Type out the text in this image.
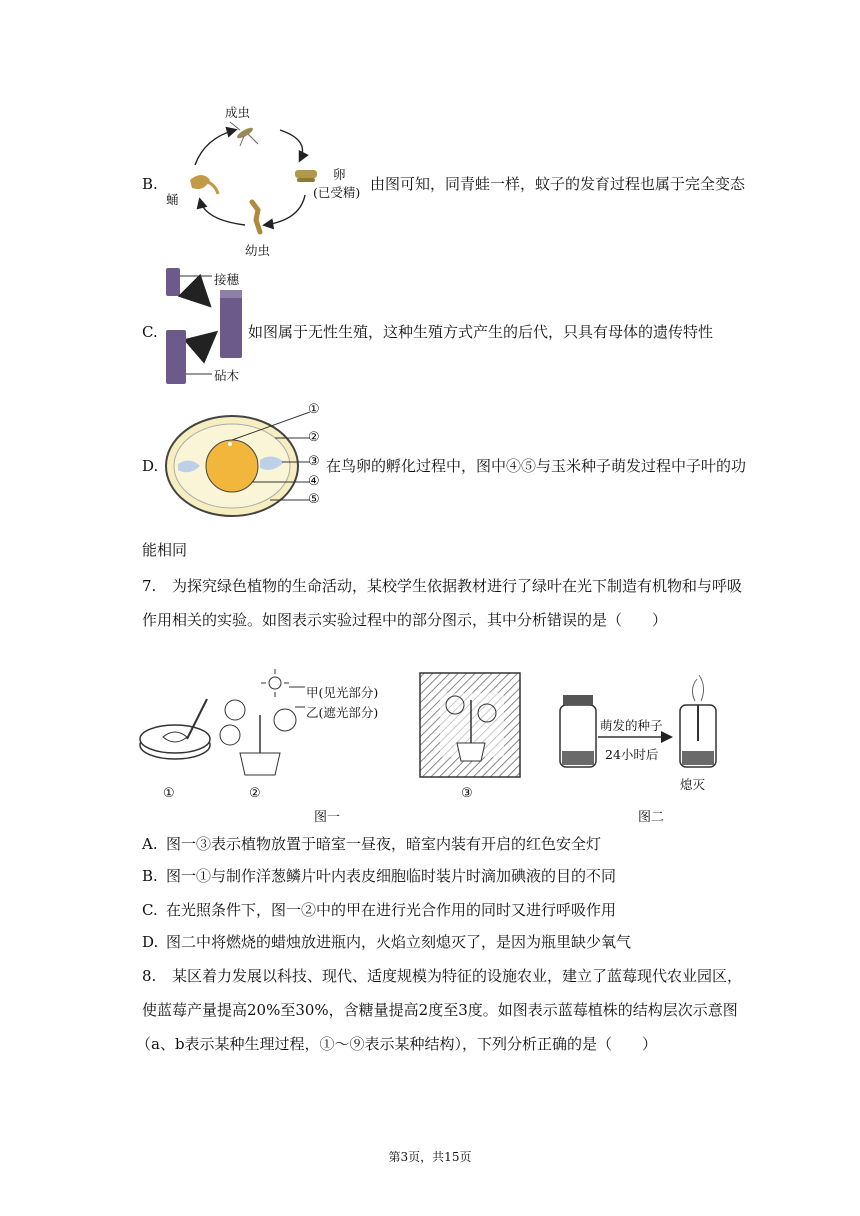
B.
成虫
卵
(已受精)
幼虫
蛹
由图可知，同青蛙一样，蚊子的发育过程也属于完全变态
C.
接穗
砧木
如图属于无性生殖，这种生殖方式产生的后代，只具有母体的遗传特性
D.
①
②
③
④
⑤
在鸟卵的孵化过程中，图中④⑤与玉米种子萌发过程中子叶的功
能相同
7. 为探究绿色植物的生命活动，某校学生依据教材进行了绿叶在光下制造有机物和与呼吸
作用相关的实验。如图表示实验过程中的部分图示，其中分析错误的是（　　）
甲(见光部分)
乙(遮光部分)
萌发的种子
24小时后
熄灭
①	②	③
图一	图二
A. 图一③表示植物放置于暗室一昼夜，暗室内装有开启的红色安全灯
B. 图一①与制作洋葱鳞片叶内表皮细胞临时装片时滴加碘液的目的不同
C. 在光照条件下，图一②中的甲在进行光合作用的同时又进行呼吸作用
D. 图二中将燃烧的蜡烛放进瓶内，火焰立刻熄灭了，是因为瓶里缺少氧气
8. 某区着力发展以科技、现代、适度规模为特征的设施农业，建立了蓝莓现代农业园区，
使蓝莓产量提高20%至30%，含糖量提高2度至3度。如图表示蓝莓植株的结构层次示意图
（a、b表示某种生理过程，①～⑨表示某种结构），下列分析正确的是（　　）
第3页，共15页
